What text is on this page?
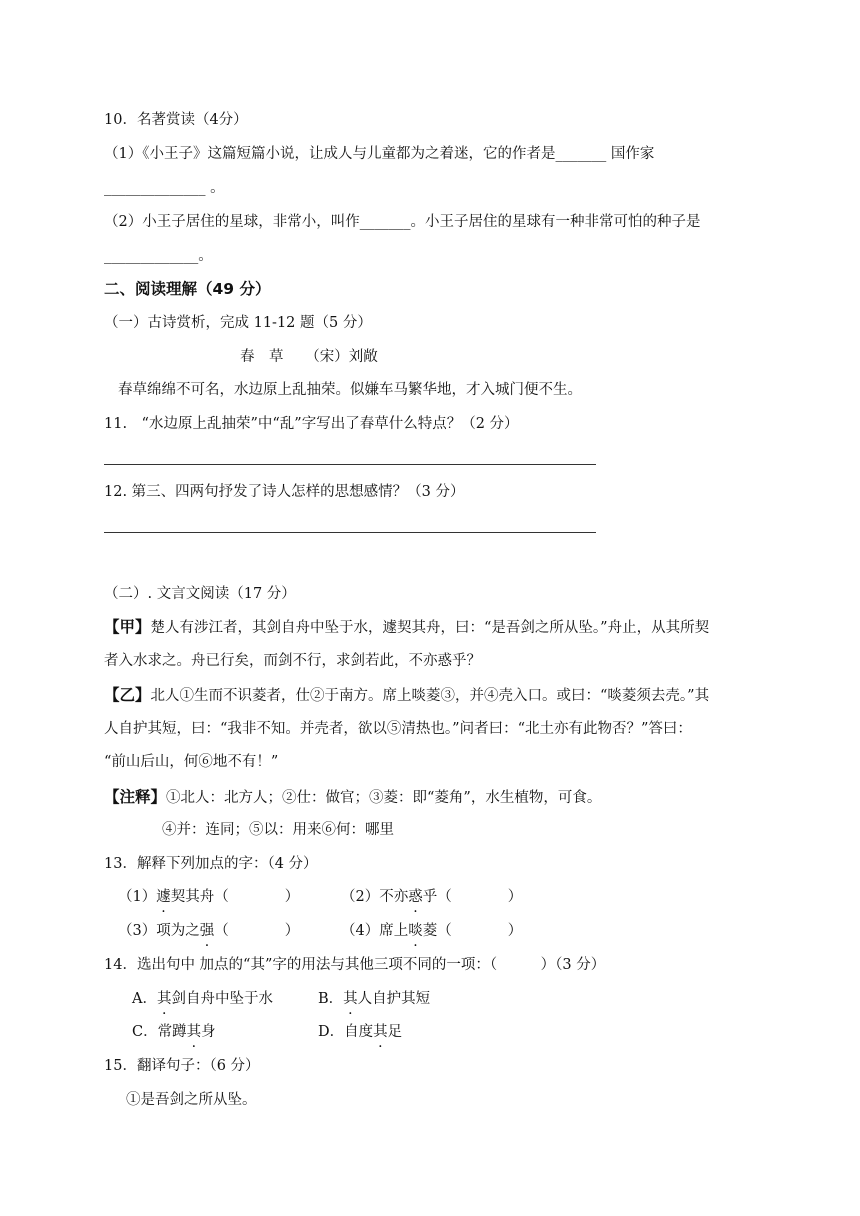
10．名著赏读（4分）
（1）《小王子》这篇短篇小说，让成人与儿童都为之着迷，它的作者是_______ 国作家
______________ 。
（2）小王子居住的星球，非常小，叫作_______。小王子居住的星球有一种非常可怕的种子是
_____________。
二、阅读理解（49 分）
（一）古诗赏析，完成 11-12 题（5 分）
春　草　　（宋）刘敞
春草绵绵不可名，水边原上乱抽荣。似嫌车马繁华地，才入城门便不生。
11.　“水边原上乱抽荣”中“乱”字写出了春草什么特点？（2 分）
12. 第三、四两句抒发了诗人怎样的思想感情？（3 分）
（二）. 文言文阅读（17 分）
【甲】楚人有涉江者，其剑自舟中坠于水，遽契其舟，曰：“是吾剑之所从坠。”舟止，从其所契
者入水求之。舟已行矣，而剑不行，求剑若此，不亦惑乎？
【乙】北人①生而不识菱者，仕②于南方。席上啖菱③，并④壳入口。或曰：“啖菱须去壳。”其
人自护其短，曰：“我非不知。并壳者，欲以⑤清热也。”问者曰：“北土亦有此物否？”答曰：
“前山后山，何⑥地不有！”
【注释】①北人：北方人；②仕：做官；③菱：即“菱角”，水生植物，可食。
④并：连同；⑤以：用来⑥何：哪里
13．解释下列加点的字：（4 分）
（1）遽契其舟（	）	（2）不亦惑乎（	）
（3）项为之强（	）	（4）席上啖菱（	）
14．选出句中 加点的“其”字的用法与其他三项不同的一项：（　　　）（3 分）
A．其剑自舟中坠于水	B．其人自护其短
C．常蹲其身	D．自度其足
15．翻译句子：（6 分）
①是吾剑之所从坠。
